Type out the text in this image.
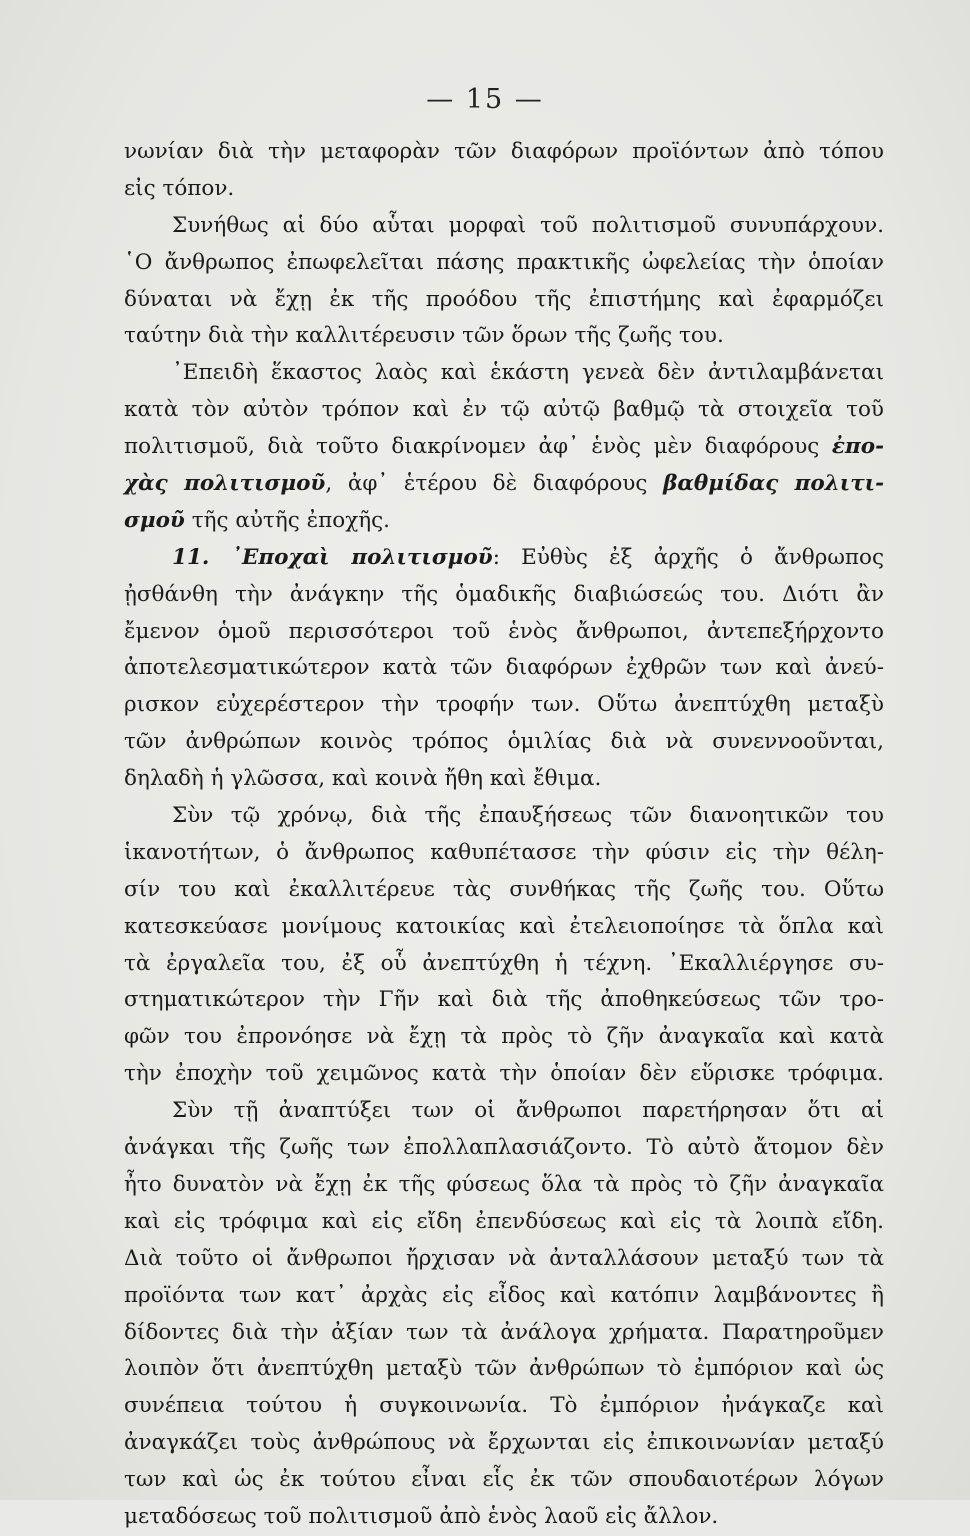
— 15 —
νωνίαν διὰ τὴν μεταφορὰν τῶν διαφόρων προϊόντων ἀπὸ τόπου
εἰς τόπον.
Συνήθως αἱ δύο αὗται μορφαὶ τοῦ πολιτισμοῦ συνυπάρχουν.
῾Ο ἄνθρωπος ἐπωφελεῖται πάσης πρακτικῆς ὠφελείας τὴν ὁποίαν
δύναται νὰ ἔχῃ ἐκ τῆς προόδου τῆς ἐπιστήμης καὶ ἐφαρμόζει
ταύτην διὰ τὴν καλλιτέρευσιν τῶν ὅρων τῆς ζωῆς του.
᾿Επειδὴ ἕκαστος λαὸς καὶ ἑκάστη γενεὰ δὲν ἀντιλαμβάνεται
κατὰ τὸν αὐτὸν τρόπον καὶ ἐν τῷ αὐτῷ βαθμῷ τὰ στοιχεῖα τοῦ
πολιτισμοῦ, διὰ τοῦτο διακρίνομεν ἀφ᾿ ἑνὸς μὲν διαφόρους ἐπο-
χὰς πολιτισμοῦ, ἀφ᾿ ἑτέρου δὲ διαφόρους βαθμίδας πολιτι-
σμοῦ τῆς αὐτῆς ἐποχῆς.
11. ᾿Εποχαὶ πολιτισμοῦ: Εὐθὺς ἐξ ἀρχῆς ὁ ἄνθρωπος
ᾐσθάνθη τὴν ἀνάγκην τῆς ὁμαδικῆς διαβιώσεώς του. Διότι ἂν
ἔμενον ὁμοῦ περισσότεροι τοῦ ἑνὸς ἄνθρωποι, ἀντεπεξήρχοντο
ἀποτελεσματικώτερον κατὰ τῶν διαφόρων ἐχθρῶν των καὶ ἀνεύ-
ρισκον εὐχερέστερον τὴν τροφήν των. Οὕτω ἀνεπτύχθη μεταξὺ
τῶν ἀνθρώπων κοινὸς τρόπος ὁμιλίας διὰ νὰ συνεννοοῦνται,
δηλαδὴ ἡ γλῶσσα, καὶ κοινὰ ἤθη καὶ ἔθιμα.
Σὺν τῷ χρόνῳ, διὰ τῆς ἐπαυξήσεως τῶν διανοητικῶν του
ἱκανοτήτων, ὁ ἄνθρωπος καθυπέτασσε τὴν φύσιν εἰς τὴν θέλη-
σίν του καὶ ἐκαλλιτέρευε τὰς συνθήκας τῆς ζωῆς του. Οὕτω
κατεσκεύασε μονίμους κατοικίας καὶ ἐτελειοποίησε τὰ ὅπλα καὶ
τὰ ἐργαλεῖα του, ἐξ οὗ ἀνεπτύχθη ἡ τέχνη. ᾿Εκαλλιέργησε συ-
στηματικώτερον τὴν Γῆν καὶ διὰ τῆς ἀποθηκεύσεως τῶν τρο-
φῶν του ἐπρονόησε νὰ ἔχῃ τὰ πρὸς τὸ ζῆν ἀναγκαῖα καὶ κατὰ
τὴν ἐποχὴν τοῦ χειμῶνος κατὰ τὴν ὁποίαν δὲν εὕρισκε τρόφιμα.
Σὺν τῇ ἀναπτύξει των οἱ ἄνθρωποι παρετήρησαν ὅτι αἱ
ἀνάγκαι τῆς ζωῆς των ἐπολλαπλασιάζοντο. Τὸ αὐτὸ ἄτομον δὲν
ἦτο δυνατὸν νὰ ἔχῃ ἐκ τῆς φύσεως ὅλα τὰ πρὸς τὸ ζῆν ἀναγκαῖα
καὶ εἰς τρόφιμα καὶ εἰς εἴδη ἐπενδύσεως καὶ εἰς τὰ λοιπὰ εἴδη.
Διὰ τοῦτο οἱ ἄνθρωποι ἤρχισαν νὰ ἀνταλλάσουν μεταξύ των τὰ
προϊόντα των κατ᾿ ἀρχὰς εἰς εἶδος καὶ κατόπιν λαμβάνοντες ἢ
δίδοντες διὰ τὴν ἀξίαν των τὰ ἀνάλογα χρήματα. Παρατηροῦμεν
λοιπὸν ὅτι ἀνεπτύχθη μεταξὺ τῶν ἀνθρώπων τὸ ἐμπόριον καὶ ὡς
συνέπεια τούτου ἡ συγκοινωνία. Τὸ ἐμπόριον ἠνάγκαζε καὶ
ἀναγκάζει τοὺς ἀνθρώπους νὰ ἔρχωνται εἰς ἐπικοινωνίαν μεταξύ
των καὶ ὡς ἐκ τούτου εἶναι εἷς ἐκ τῶν σπουδαιοτέρων λόγων
μεταδόσεως τοῦ πολιτισμοῦ ἀπὸ ἑνὸς λαοῦ εἰς ἄλλον.
